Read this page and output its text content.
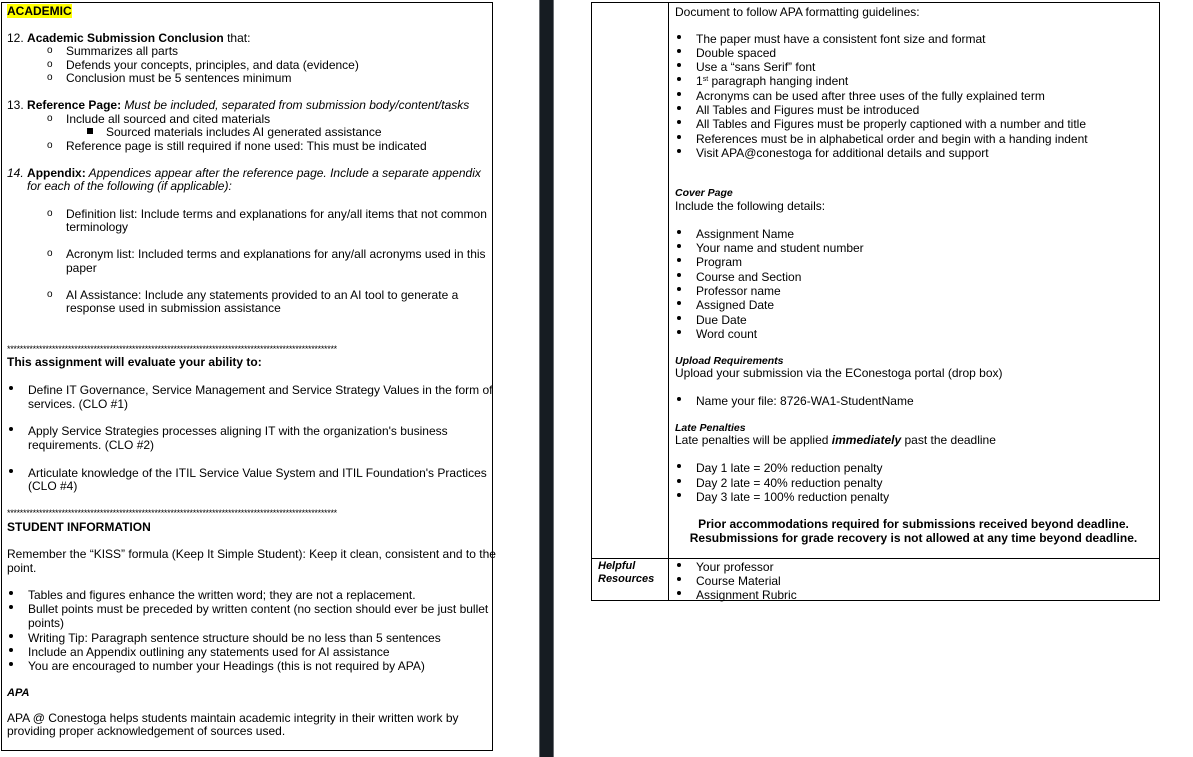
ACADEMIC
12. Academic Submission Conclusion that:
o Summarizes all parts
o Defends your concepts, principles, and data (evidence)
o Conclusion must be 5 sentences minimum
13. Reference Page: Must be included, separated from submission body/content/tasks
o Include all sourced and cited materials
Sourced materials includes AI generated assistance
o Reference page is still required if none used: This must be indicated
14. Appendix: Appendices appear after the reference page. Include a separate appendix
for each of the following (if applicable):
o Definition list: Include terms and explanations for any/all items that not common
terminology
o Acronym list: Included terms and explanations for any/all acronyms used in this
paper
o AI Assistance: Include any statements provided to an AI tool to generate a
response used in submission assistance
*******************************************************************************************************
This assignment will evaluate your ability to:
Define IT Governance, Service Management and Service Strategy Values in the form of
services. (CLO #1)
Apply Service Strategies processes aligning IT with the organization's business
requirements. (CLO #2)
Articulate knowledge of the ITIL Service Value System and ITIL Foundation's Practices
(CLO #4)
*******************************************************************************************************
STUDENT INFORMATION
Remember the “KISS” formula (Keep It Simple Student): Keep it clean, consistent and to the
point.
Tables and figures enhance the written word; they are not a replacement.
Bullet points must be preceded by written content (no section should ever be just bullet
points)
Writing Tip: Paragraph sentence structure should be no less than 5 sentences
Include an Appendix outlining any statements used for AI assistance
You are encouraged to number your Headings (this is not required by APA)
APA
APA @ Conestoga helps students maintain academic integrity in their written work by
providing proper acknowledgement of sources used.
Document to follow APA formatting guidelines:
The paper must have a consistent font size and format
Double spaced
Use a “sans Serif” font
1st paragraph hanging indent
Acronyms can be used after three uses of the fully explained term
All Tables and Figures must be introduced
All Tables and Figures must be properly captioned with a number and title
References must be in alphabetical order and begin with a handing indent
Visit APA@conestoga for additional details and support
Cover Page
Include the following details:
Assignment Name
Your name and student number
Program
Course and Section
Professor name
Assigned Date
Due Date
Word count
Upload Requirements
Upload your submission via the EConestoga portal (drop box)
Name your file: 8726-WA1-StudentName
Late Penalties
Late penalties will be applied immediately past the deadline
Day 1 late = 20% reduction penalty
Day 2 late = 40% reduction penalty
Day 3 late = 100% reduction penalty
Prior accommodations required for submissions received beyond deadline.
Resubmissions for grade recovery is not allowed at any time beyond deadline.
Helpful
Resources
Your professor
Course Material
Assignment Rubric
